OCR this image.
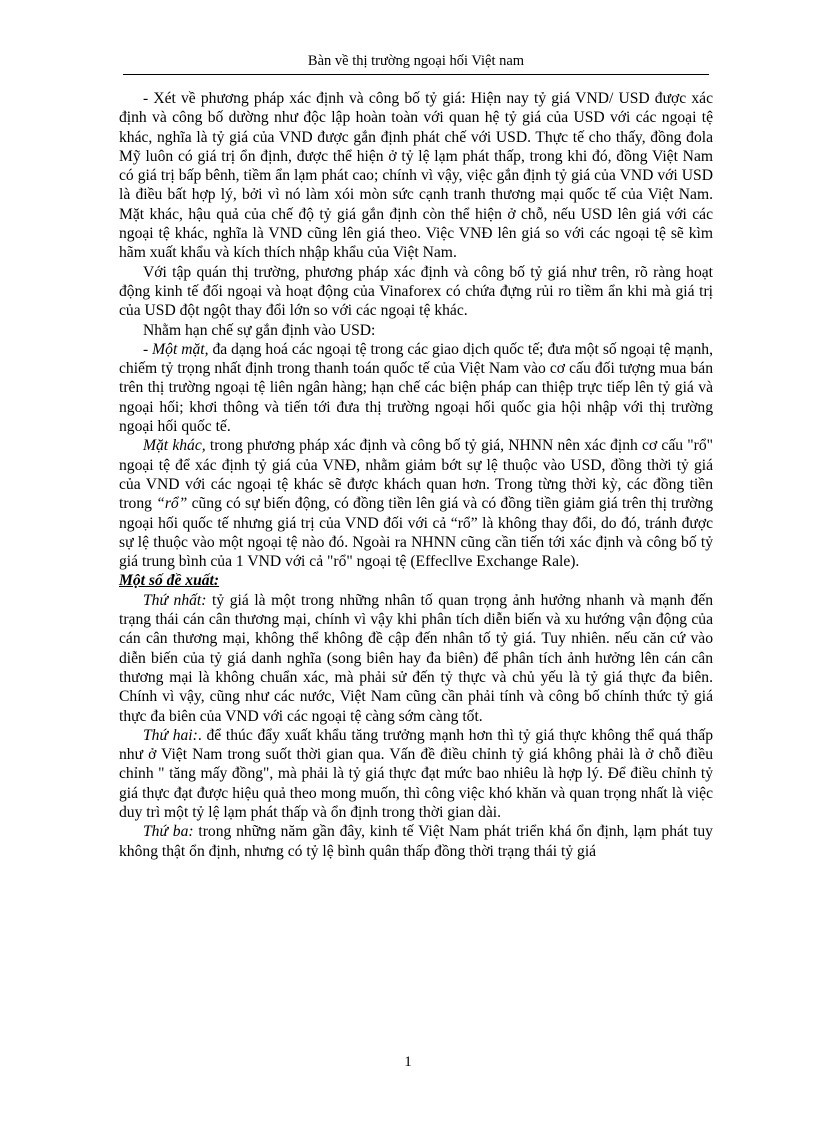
Bàn về thị trường ngoại hối Việt nam

- Xét về phương pháp xác định và công bố tỷ giá: Hiện nay tỷ giá VND/ USD được xác định và công bố dường như độc lập hoàn toàn với quan hệ tỷ giá của USD với các ngoại tệ khác, nghĩa là tỷ giá của VND được gắn định phát chế với USD. Thực tế cho thấy, đồng đola Mỹ luôn có giá trị ổn định, được thể hiện ở tỷ lệ lạm phát thấp, trong khi đó, đồng Việt Nam có giá trị bấp bênh, tiềm ẩn lạm phát cao; chính vì vậy, việc gắn định tỷ giá của VND với USD là điều bất hợp lý, bởi vì nó làm xói mòn sức cạnh tranh thương mại quốc tế của Việt Nam. Mặt khác, hậu quả của chế độ tỷ giá gắn định còn thể hiện ở chỗ, nếu USD lên giá với các ngoại tệ khác, nghĩa là VND cũng lên giá theo. Việc VNĐ lên giá so với các ngoại tệ sẽ kìm hãm xuất khẩu và kích thích nhập khẩu của Việt Nam.

Với tập quán thị trường, phương pháp xác định và công bố tỷ giá như trên, rõ ràng hoạt động kinh tế đối ngoại và hoạt động của Vinaforex có chứa đựng rủi ro tiềm ẩn khi mà giá trị của USD đột ngột thay đổi lớn so với các ngoại tệ khác.

Nhằm hạn chế sự gắn định vào USD:

- Một mặt, đa dạng hoá các ngoại tệ trong các giao dịch quốc tế; đưa một số ngoại tệ mạnh, chiếm tỷ trọng nhất định trong thanh toán quốc tế của Việt Nam vào cơ cấu đối tượng mua bán trên thị trường ngoại tệ liên ngân hàng; hạn chế các biện pháp can thiệp trực tiếp lên tỷ giá và ngoại hối; khơi thông và tiến tới đưa thị trường ngoại hối quốc gia hội nhập với thị trường ngoại hối quốc tế.

Mặt khác, trong phương pháp xác định và công bố tỷ giá, NHNN nên xác định cơ cấu "rổ" ngoại tệ để xác định tỷ giá của VNĐ, nhằm giảm bớt sự lệ thuộc vào USD, đồng thời tỷ giá của VND với các ngoại tệ khác sẽ được khách quan hơn. Trong từng thời kỳ, các đồng tiền trong “rổ” cũng có sự biến động, có đồng tiền lên giá và có đồng tiền giảm giá trên thị trường ngoại hối quốc tế nhưng giá trị của VND đối với cả “rổ” là không thay đổi, do đó, tránh được sự lệ thuộc vào một ngoại tệ nào đó. Ngoài ra NHNN cũng cần tiến tới xác định và công bố tỷ giá trung bình của 1 VND với cả "rổ" ngoại tệ (Effecllve Exchange Rale).

Một số đề xuất:

Thứ nhất: tỷ giá là một trong những nhân tố quan trọng ảnh hưởng nhanh và mạnh đến trạng thái cán cân thương mại, chính vì vậy khi phân tích diễn biến và xu hướng vận động của cán cân thương mại, không thể không đề cập đến nhân tố tỷ giá. Tuy nhiên. nếu căn cứ vào diễn biến của tỷ giá danh nghĩa (song biên hay đa biên) để phân tích ảnh hưởng lên cán cân thương mại là không chuẩn xác, mà phải sử đến tỷ thực và chủ yếu là tỷ giá thực đa biên. Chính vì vậy, cũng như các nước, Việt Nam cũng cần phải tính và công bố chính thức tỷ giá thực đa biên của VND với các ngoại tệ càng sớm càng tốt.

Thứ hai:. để thúc đẩy xuất khẩu tăng trưởng mạnh hơn thì tỷ giá thực không thể quá thấp như ở Việt Nam trong suốt thời gian qua. Vấn đề điều chỉnh tỷ giá không phải là ở chỗ điều chỉnh " tăng mấy đồng", mà phải là tỷ giá thực đạt mức bao nhiêu là hợp lý. Để điều chỉnh tỷ giá thực đạt được hiệu quả theo mong muốn, thì công việc khó khăn và quan trọng nhất là việc duy trì một tỷ lệ lạm phát thấp và ổn định trong thời gian dài.

Thứ ba: trong những năm gần đây, kinh tế Việt Nam phát triển khá ổn định, lạm phát tuy không thật ổn định, nhưng có tỷ lệ bình quân thấp đồng thời trạng thái tỷ giá

1
